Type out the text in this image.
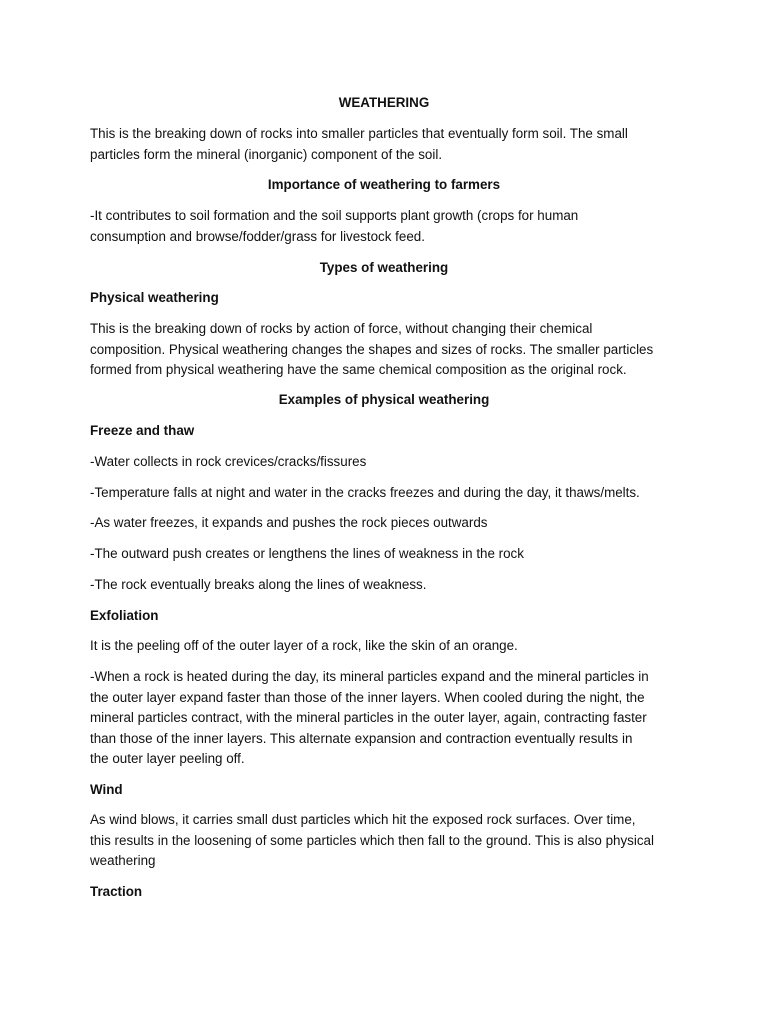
WEATHERING

This is the breaking down of rocks into smaller particles that eventually form soil. The small
particles form the mineral (inorganic) component of the soil.

Importance of weathering to farmers

-It contributes to soil formation and the soil supports plant growth (crops for human
consumption and browse/fodder/grass for livestock feed.

Types of weathering

Physical weathering

This is the breaking down of rocks by action of force, without changing their chemical
composition. Physical weathering changes the shapes and sizes of rocks. The smaller particles
formed from physical weathering have the same chemical composition as the original rock.

Examples of physical weathering

Freeze and thaw

-Water collects in rock crevices/cracks/fissures

-Temperature falls at night and water in the cracks freezes and during the day, it thaws/melts.

-As water freezes, it expands and pushes the rock pieces outwards

-The outward push creates or lengthens the lines of weakness in the rock

-The rock eventually breaks along the lines of weakness.

Exfoliation

It is the peeling off of the outer layer of a rock, like the skin of an orange.

-When a rock is heated during the day, its mineral particles expand and the mineral particles in
the outer layer expand faster than those of the inner layers. When cooled during the night, the
mineral particles contract, with the mineral particles in the outer layer, again, contracting faster
than those of the inner layers. This alternate expansion and contraction eventually results in
the outer layer peeling off.

Wind

As wind blows, it carries small dust particles which hit the exposed rock surfaces. Over time,
this results in the loosening of some particles which then fall to the ground. This is also physical
weathering

Traction
